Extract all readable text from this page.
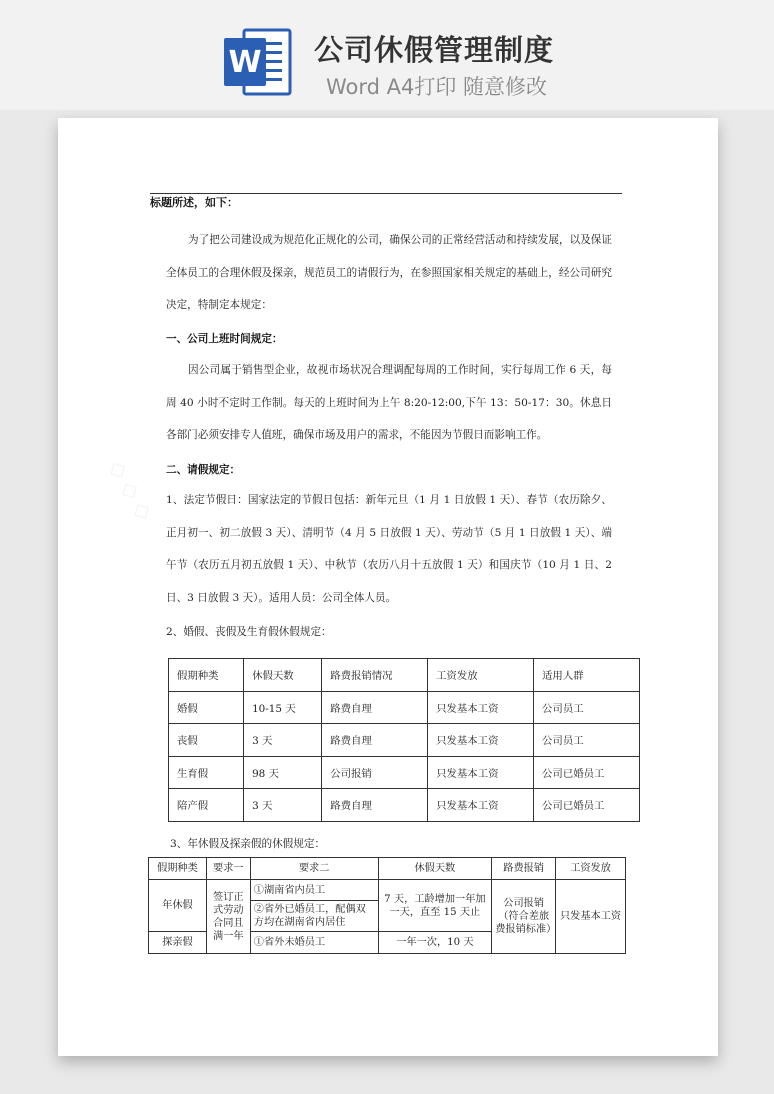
W 公司休假管理制度
Word A4打印 随意修改
◇ ◇ ◇
标题所述，如下：

为了把公司建设成为规范化正规化的公司，确保公司的正常经营活动和持续发展，以及保证全体员工的合理休假及探亲，规范员工的请假行为，在参照国家相关规定的基础上，经公司研究决定，特制定本规定：

一、公司上班时间规定：

因公司属于销售型企业，故视市场状况合理调配每周的工作时间，实行每周工作 6 天，每周 40 小时不定时工作制。每天的上班时间为上午 8:20-12:00,下午 13：50-17：30。休息日各部门必须安排专人值班，确保市场及用户的需求，不能因为节假日而影响工作。

二、请假规定：

1、法定节假日：国家法定的节假日包括：新年元旦（1 月 1 日放假 1 天）、春节（农历除夕、正月初一、初二放假 3 天）、清明节（4 月 5 日放假 1 天）、劳动节（5 月 1 日放假 1 天）、端午节（农历五月初五放假 1 天）、中秋节（农历八月十五放假 1 天）和国庆节（10 月 1 日、2 日、3 日放假 3 天）。适用人员：公司全体人员。

2、婚假、丧假及生育假休假规定：

假期种类	休假天数	路费报销情况	工资发放	适用人群
婚假	10-15 天	路费自理	只发基本工资	公司员工
丧假	3 天	路费自理	只发基本工资	公司员工
生育假	98 天	公司报销	只发基本工资	公司已婚员工
陪产假	3 天	路费自理	只发基本工资	公司已婚员工

3、年休假及探亲假的休假规定：

假期种类	要求一	要求二	休假天数	路费报销	工资发放
年休假	签订正式劳动合同且满一年	①湖南省内员工	7 天，工龄增加一年加一天，直至 15 天止	公司报销（符合差旅费报销标准）	只发基本工资
		②省外已婚员工，配偶双方均在湖南省内居住			
探亲假		①省外未婚员工	一年一次，10 天		
